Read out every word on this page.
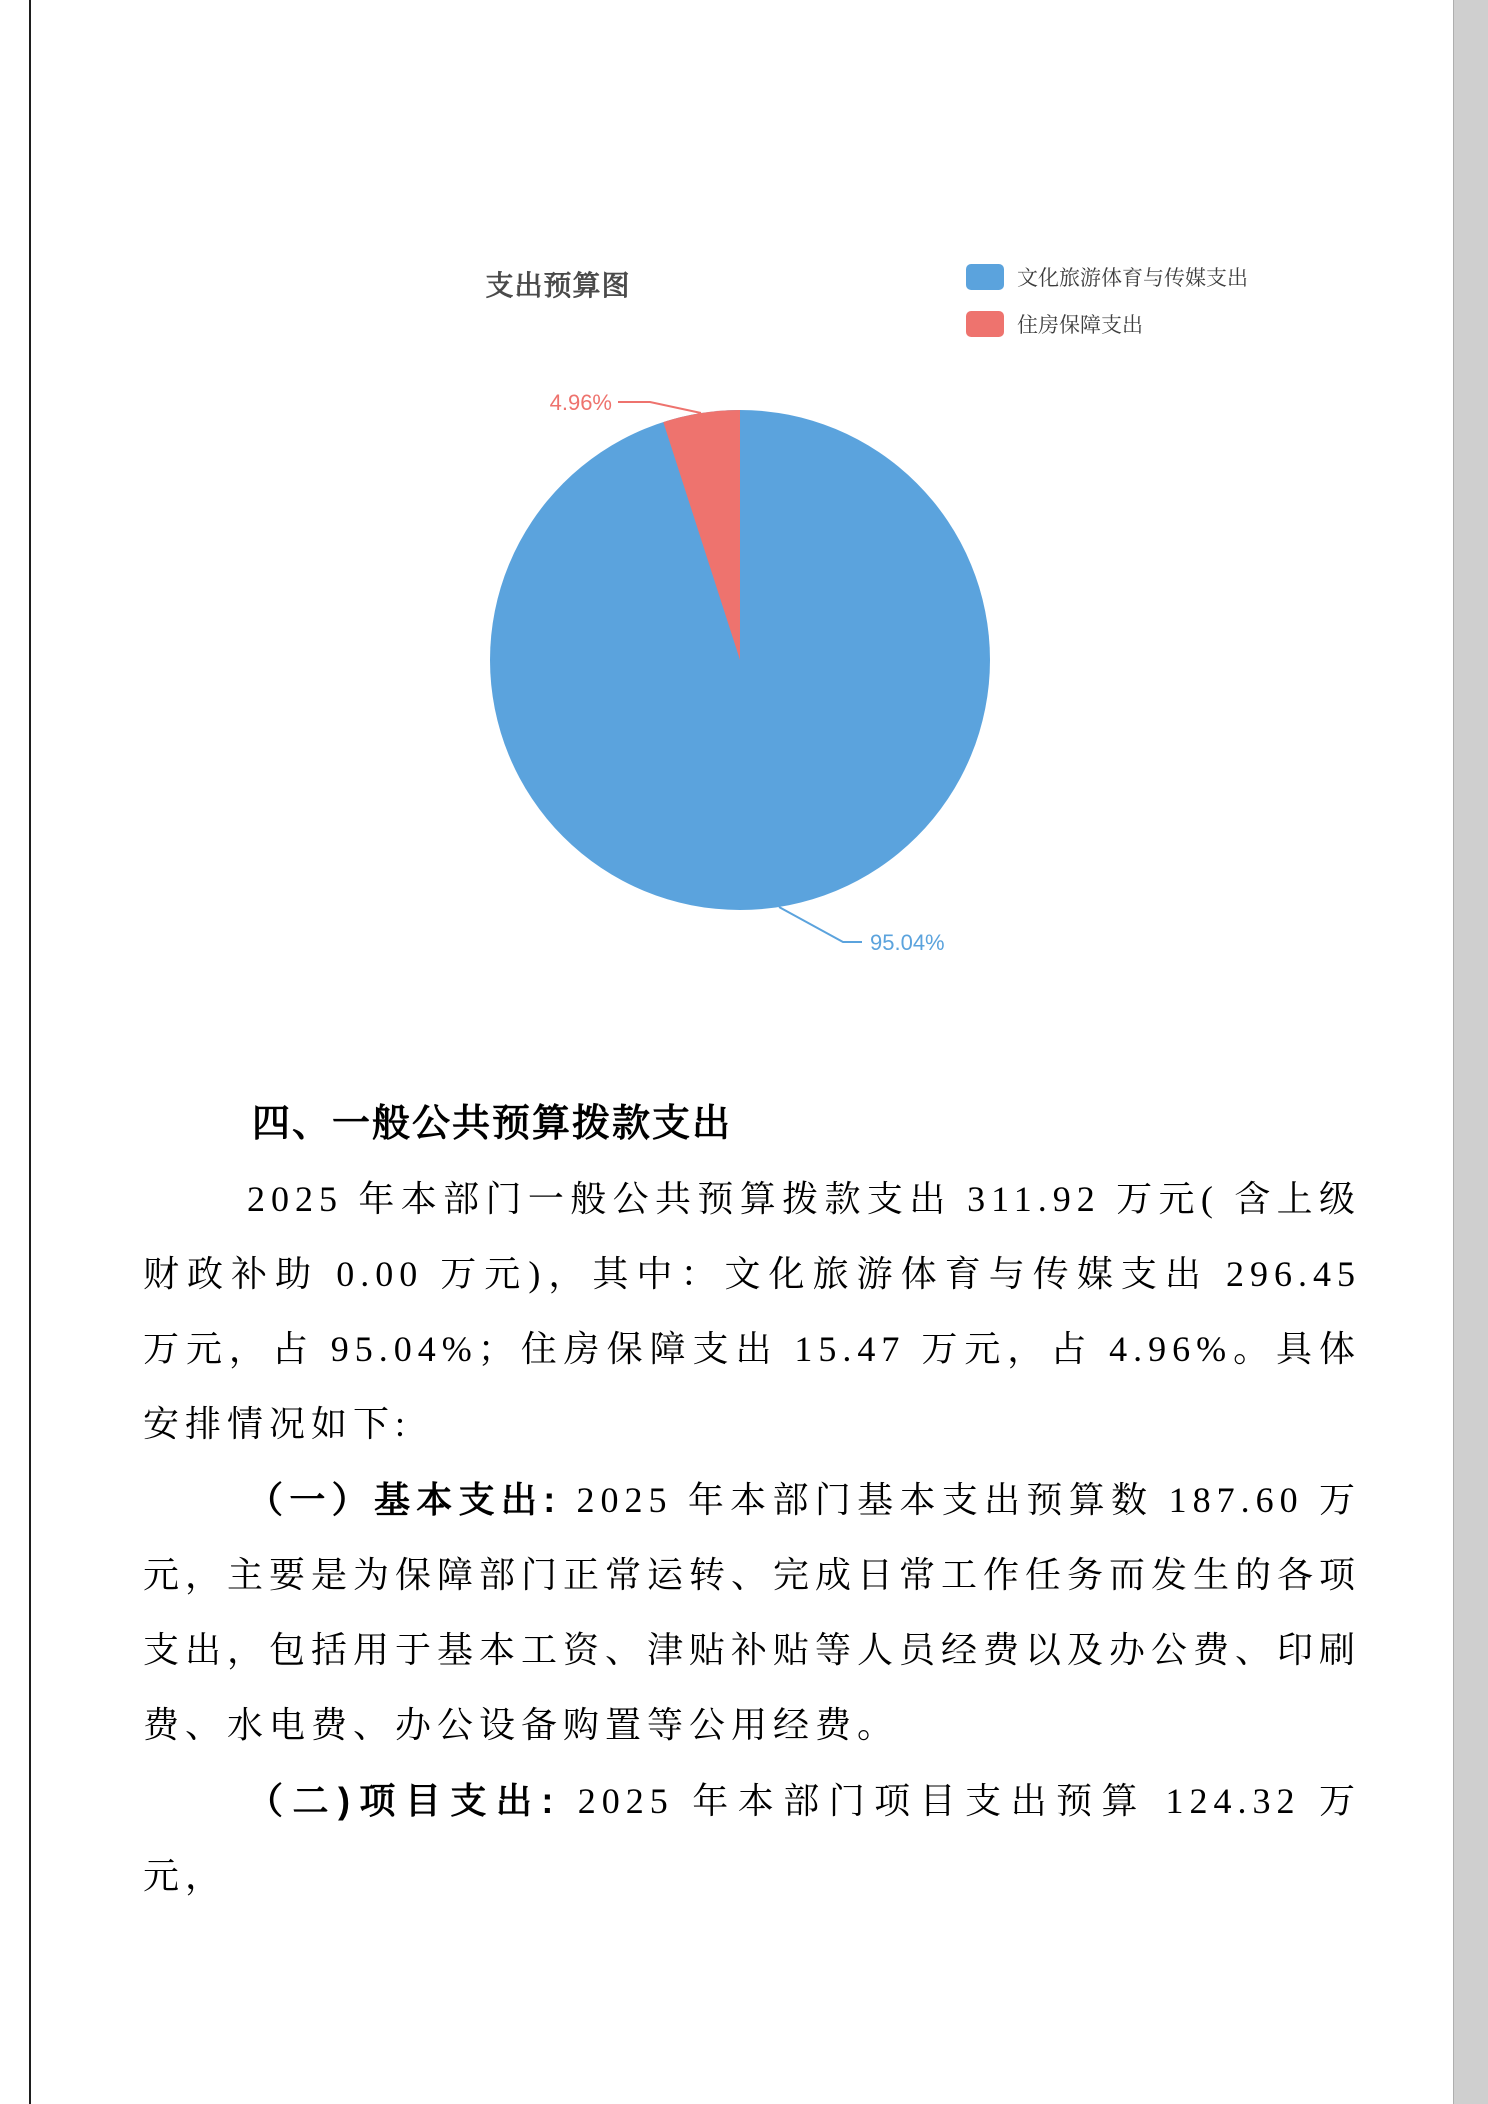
支出预算图	文化旅游体育与传媒支出
住房保障支出
4.96%
95.04%
四、一般公共预算拨款支出

2025 年本部门一般公共预算拨款支出 311.92 万元( 含上级财政补助 0.00 万元)，其中：文化旅游体育与传媒支出 296.45 万元，占 95.04%；住房保障支出 15.47 万元，占 4.96%。具体安排情况如下:

（一）基本支出: 2025 年本部门基本支出预算数 187.60 万元，主要是为保障部门正常运转、完成日常工作任务而发生的各项支出，包括用于基本工资、津贴补贴等人员经费以及办公费、印刷费、水电费、办公设备购置等公用经费。

（二)项目支出: 2025 年本部门项目支出预算 124.32 万元，
